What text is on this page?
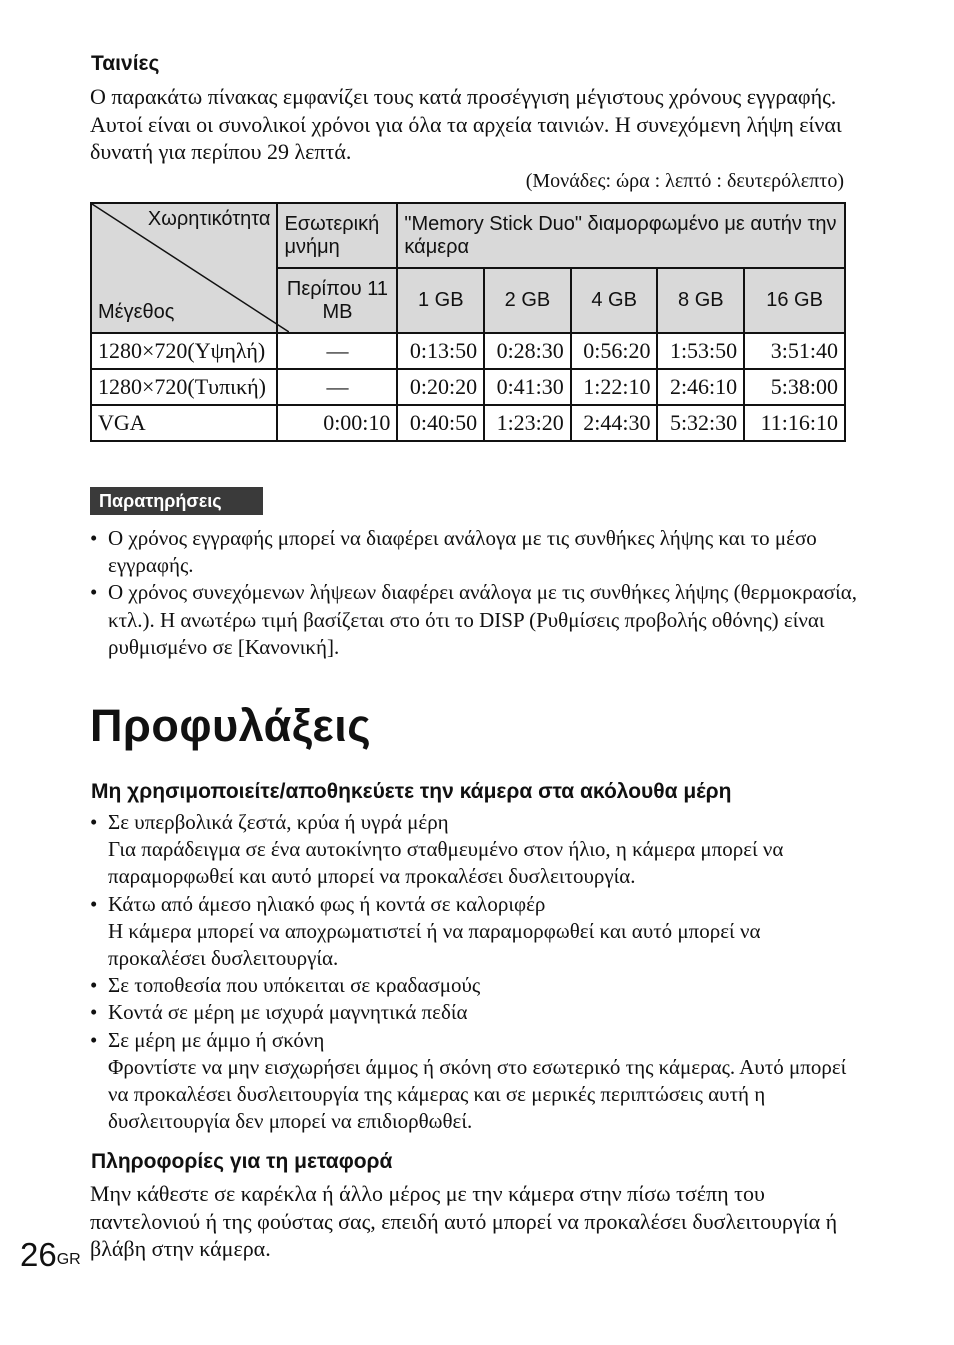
Ταινίες
Ο παρακάτω πίνακας εμφανίζει τους κατά προσέγγιση μέγιστους χρόνους εγγραφής. Αυτοί είναι οι συνολικοί χρόνοι για όλα τα αρχεία ταινιών. Η συνεχόμενη λήψη είναι δυνατή για περίπου 29 λεπτά.
(Μονάδες: ώρα : λεπτό : δευτερόλεπτο)
Χωρητικότητα
Μέγεθος	Εσωτερική μνήμη	"Memory Stick Duo" διαμορφωμένο με αυτήν την κάμερα				
	Περίπου 11 MB	1 GB	2 GB	4 GB	8 GB	16 GB
1280×720(Υψηλή)	—	0:13:50	0:28:30	0:56:20	1:53:50	3:51:40
1280×720(Τυπική)	—	0:20:20	0:41:30	1:22:10	2:46:10	5:38:00
VGA	0:00:10	0:40:50	1:23:20	2:44:30	5:32:30	11:16:10
Παρατηρήσεις
• Ο χρόνος εγγραφής μπορεί να διαφέρει ανάλογα με τις συνθήκες λήψης και το μέσο εγγραφής.
• Ο χρόνος συνεχόμενων λήψεων διαφέρει ανάλογα με τις συνθήκες λήψης (θερμοκρασία, κτλ.). Η ανωτέρω τιμή βασίζεται στο ότι το DISP (Ρυθμίσεις προβολής οθόνης) είναι ρυθμισμένο σε [Κανονική].
Προφυλάξεις
Μη χρησιμοποιείτε/αποθηκεύετε την κάμερα στα ακόλουθα μέρη
• Σε υπερβολικά ζεστά, κρύα ή υγρά μέρη
Για παράδειγμα σε ένα αυτοκίνητο σταθμευμένο στον ήλιο, η κάμερα μπορεί να παραμορφωθεί και αυτό μπορεί να προκαλέσει δυσλειτουργία.
• Κάτω από άμεσο ηλιακό φως ή κοντά σε καλοριφέρ
Η κάμερα μπορεί να αποχρωματιστεί ή να παραμορφωθεί και αυτό μπορεί να προκαλέσει δυσλειτουργία.
• Σε τοποθεσία που υπόκειται σε κραδασμούς
• Κοντά σε μέρη με ισχυρά μαγνητικά πεδία
• Σε μέρη με άμμο ή σκόνη
Φροντίστε να μην εισχωρήσει άμμος ή σκόνη στο εσωτερικό της κάμερας. Αυτό μπορεί να προκαλέσει δυσλειτουργία της κάμερας και σε μερικές περιπτώσεις αυτή η δυσλειτουργία δεν μπορεί να επιδιορθωθεί.
Πληροφορίες για τη μεταφορά
Μην κάθεστε σε καρέκλα ή άλλο μέρος με την κάμερα στην πίσω τσέπη του παντελονιού ή της φούστας σας, επειδή αυτό μπορεί να προκαλέσει δυσλειτουργία ή βλάβη στην κάμερα.
26GR
